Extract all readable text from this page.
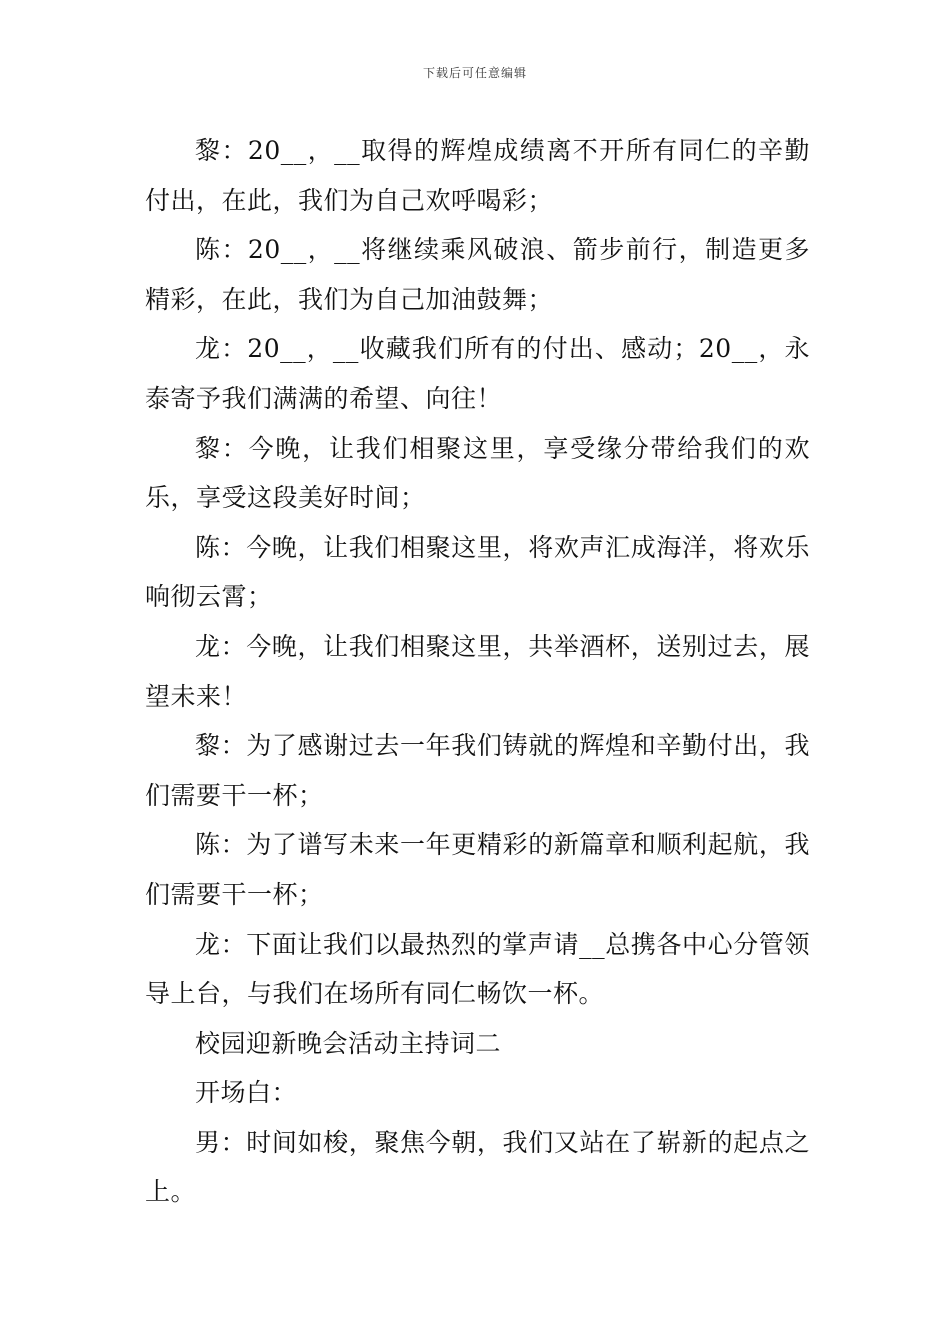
下载后可任意编辑

黎：20__，__取得的辉煌成绩离不开所有同仁的辛勤付出，在此，我们为自己欢呼喝彩；

陈：20__，__将继续乘风破浪、箭步前行，制造更多精彩，在此，我们为自己加油鼓舞；

龙：20__，__收藏我们所有的付出、感动；20__，永泰寄予我们满满的希望、向往！

黎：今晚，让我们相聚这里，享受缘分带给我们的欢乐，享受这段美好时间；

陈：今晚，让我们相聚这里，将欢声汇成海洋，将欢乐响彻云霄；

龙：今晚，让我们相聚这里，共举酒杯，送别过去，展望未来！

黎：为了感谢过去一年我们铸就的辉煌和辛勤付出，我们需要干一杯；

陈：为了谱写未来一年更精彩的新篇章和顺利起航，我们需要干一杯；

龙：下面让我们以最热烈的掌声请__总携各中心分管领导上台，与我们在场所有同仁畅饮一杯。

校园迎新晚会活动主持词二

开场白：

男：时间如梭，聚焦今朝，我们又站在了崭新的起点之上。
